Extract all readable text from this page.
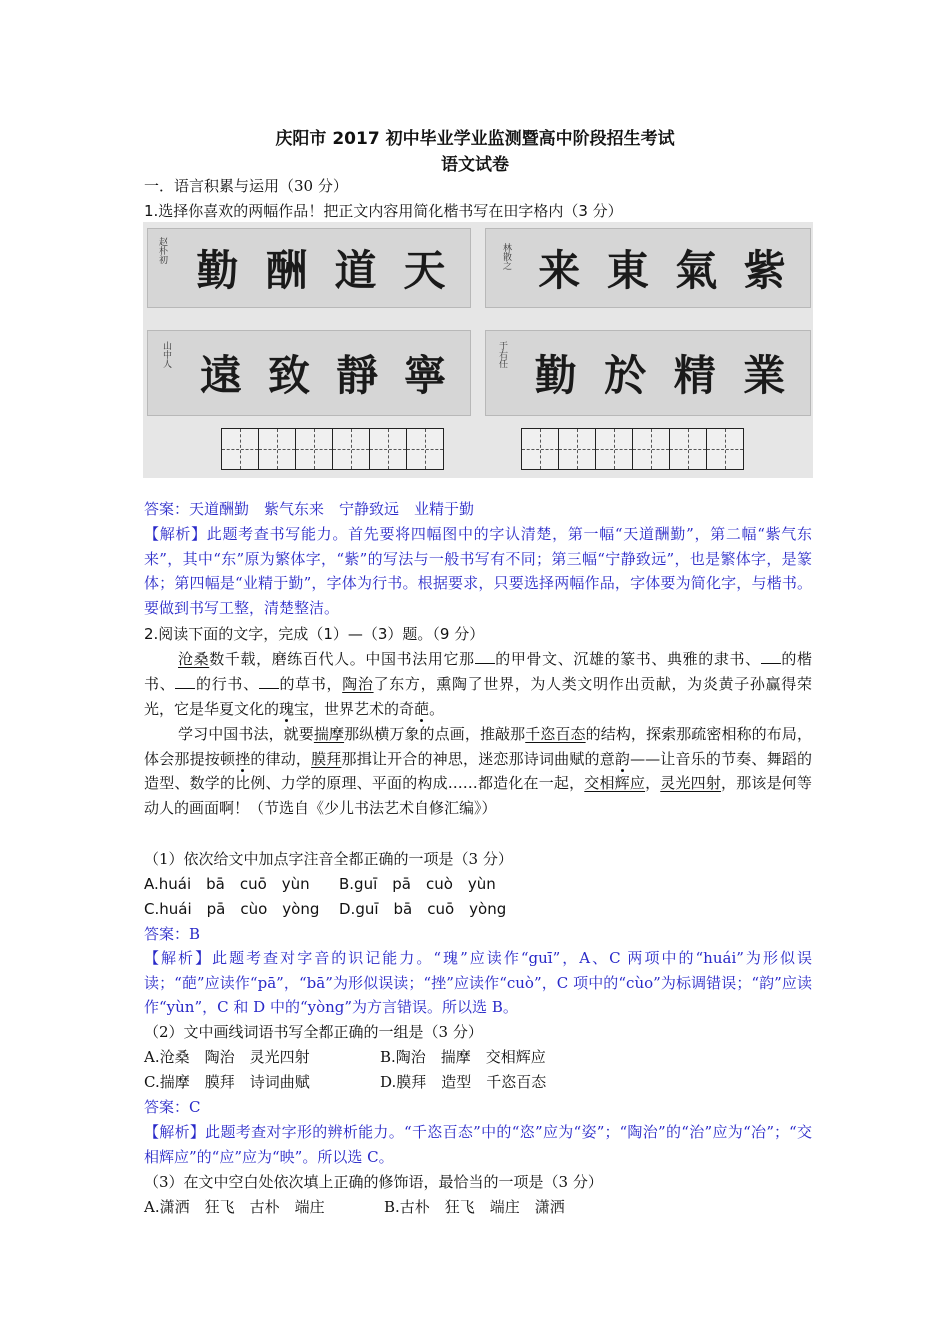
庆阳市 2017 初中毕业学业监测暨高中阶段招生考试
语文试卷
一．语言积累与运用（30 分）
1.选择你喜欢的两幅作品！把正文内容用简化楷书写在田字格内（3 分）
赵朴初 勤 酬 道 天	林散之 来 東 氣 紫
山中人 遠 致 靜 寧	于右任 勤 於 精 業
答案：天道酬勤　紫气东来　宁静致远　业精于勤
【解析】此题考查书写能力。首先要将四幅图中的字认清楚，第一幅“天道酬勤”，第二幅“紫气东来”，其中“东”原为繁体字，“紫”的写法与一般书写有不同；第三幅“宁静致远”，也是繁体字，是篆体；第四幅是“业精于勤”，字体为行书。根据要求，只要选择两幅作品，字体要为简化字，与楷书。要做到书写工整，清楚整洁。
2.阅读下面的文字，完成（1）—（3）题。（9 分）
沧桑数千载，磨练百代人。中国书法用它那 的甲骨文、沉雄的篆书、典雅的隶书、 的楷书、 的行书、 的草书，陶治了东方，熏陶了世界，为人类文明作出贡献，为炎黄子孙赢得荣光，它是华夏文化的瑰宝，世界艺术的奇葩。
学习中国书法，就要揣摩那纵横万象的点画，推敲那千恣百态的结构，探索那疏密相称的布局，体会那提按顿挫的律动，膜拜那揖让开合的神思，迷恋那诗词曲赋的意韵——让音乐的节奏、舞蹈的造型、数学的比例、力学的原理、平面的构成……都造化在一起，交相辉应，灵光四射，那该是何等动人的画面啊！（节选自《少儿书法艺术自修汇编》）
（1）依次给文中加点字注音全都正确的一项是（3 分）
A.huái　bā　cuō　yùn	B.guī　pā　cuò　yùn
C.huái　pā　cùo　yòng	D.guī　bā　cuō　yòng
答案：B
【解析】此题考查对字音的识记能力。“瑰”应读作“guī”，A、C 两项中的“huái”为形似误读；“葩”应读作“pā”，“bā”为形似误读；“挫”应读作“cuò”，C 项中的“cùo”为标调错误；“韵”应读作“yùn”，C 和 D 中的“yòng”为方言错误。所以选 B。
（2）文中画线词语书写全都正确的一组是（3 分）
A.沧桑　陶治　灵光四射	B.陶治　揣摩　交相辉应
C.揣摩　膜拜　诗词曲赋	D.膜拜　造型　千恣百态
答案：C
【解析】此题考查对字形的辨析能力。“千恣百态”中的“恣”应为“姿”；“陶治”的“治”应为“冶”；“交相辉应”的“应”应为“映”。所以选 C。
（3）在文中空白处依次填上正确的修饰语，最恰当的一项是（3 分）
A.潇洒　狂飞　古朴　端庄	B.古朴　狂飞　端庄　潇洒
